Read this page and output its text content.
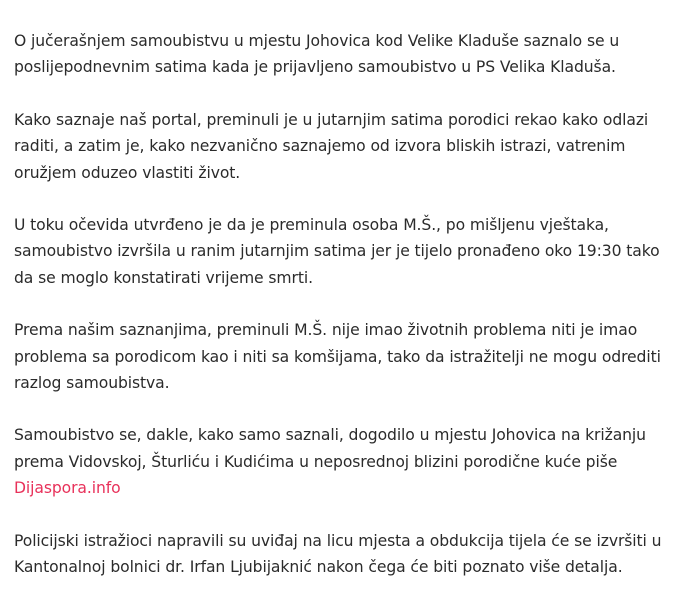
O jučerašnjem samoubistvu u mjestu Johovica kod Velike Kladuše saznalo se u poslijepodnevnim satima kada je prijavljeno samoubistvo u PS Velika Kladuša.

Kako saznaje naš portal, preminuli je u jutarnjim satima porodici rekao kako odlazi raditi, a zatim je, kako nezvanično saznajemo od izvora bliskih istrazi, vatrenim oružjem oduzeo vlastiti život.

U toku očevida utvrđeno je da je preminula osoba M.Š., po mišljenu vještaka, samoubistvo izvršila u ranim jutarnjim satima jer je tijelo pronađeno oko 19:30 tako da se moglo konstatirati vrijeme smrti.

Prema našim saznanjima, preminuli M.Š. nije imao životnih problema niti je imao problema sa porodicom kao i niti sa komšijama, tako da istražitelji ne mogu odrediti razlog samoubistva.

Samoubistvo se, dakle, kako samo saznali, dogodilo u mjestu Johovica na križanju prema Vidovskoj, Šturliću i Kudićima u neposrednoj blizini porodične kuće piše
Dijaspora.info

Policijski istražioci napravili su uviđaj na licu mjesta a obdukcija tijela će se izvršiti u Kantonalnoj bolnici dr. Irfan Ljubijaknić nakon čega će biti poznato više detalja.
